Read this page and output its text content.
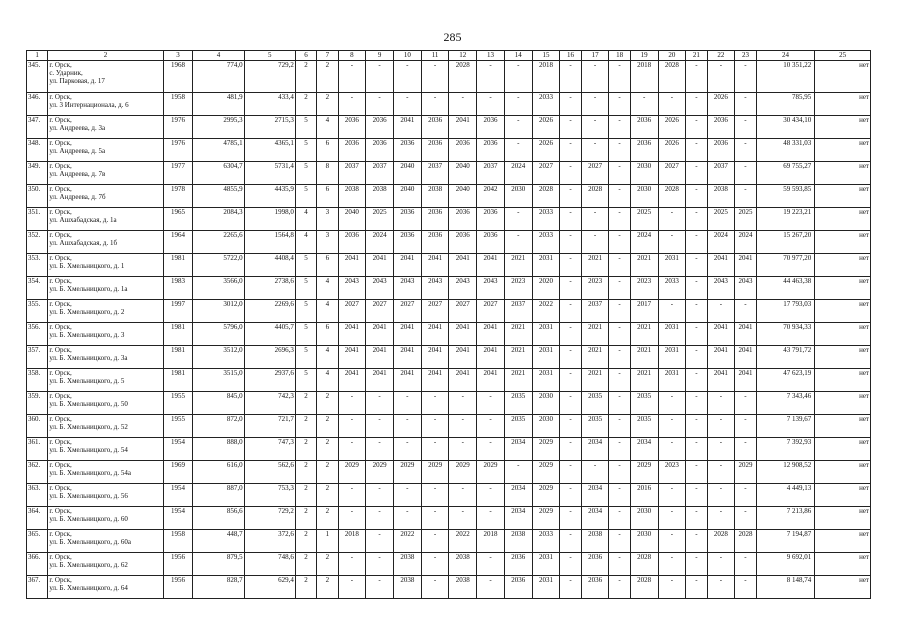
285
1	2	3	4	5	6	7	8	9	10	11	12	13	14	15	16	17	18	19	20	21	22	23	24	25
345.	г. Орск,
с. Ударник,
ул. Парковая, д. 17	1968	774,0	729,2	2	2	-	-	-	-	2028	-	-	2018	-	-	-	2018	2028	-	-	-	10 351,22	нет
346.	г. Орск,
ул. 3 Интернационала, д. 6	1958	481,9	433,4	2	2	-	-	-	-	-	-	-	2033	-	-	-	-	-	-	2026	-	785,95	нет
347.	г. Орск,
ул. Андреева, д. 3а	1976	2995,3	2715,3	5	4	2036	2036	2041	2036	2041	2036	-	2026	-	-	-	2036	2026	-	2036	-	30 434,10	нет
348.	г. Орск,
ул. Андреева, д. 5а	1976	4785,1	4365,1	5	6	2036	2036	2036	2036	2036	2036	-	2026	-	-	-	2036	2026	-	2036	-	48 331,03	нет
349.	г. Орск,
ул. Андреева, д. 7в	1977	6304,7	5731,4	5	8	2037	2037	2040	2037	2040	2037	2024	2027	-	2027	-	2030	2027	-	2037	-	69 755,27	нет
350.	г. Орск,
ул. Андреева, д. 7б	1978	4855,9	4435,9	5	6	2038	2038	2040	2038	2040	2042	2030	2028	-	2028	-	2030	2028	-	2038	-	59 593,85	нет
351.	г. Орск,
ул. Ашхабадская, д. 1а	1965	2084,3	1998,0	4	3	2040	2025	2036	2036	2036	2036	-	2033	-	-	-	2025	-	-	2025	2025	19 223,21	нет
352.	г. Орск,
ул. Ашхабадская, д. 1б	1964	2265,6	1564,8	4	3	2036	2024	2036	2036	2036	2036	-	2033	-	-	-	2024	-	-	2024	2024	15 267,20	нет
353.	г. Орск,
ул. Б. Хмельницкого, д. 1	1981	5722,0	4408,4	5	6	2041	2041	2041	2041	2041	2041	2021	2031	-	2021	-	2021	2031	-	2041	2041	70 977,20	нет
354.	г. Орск,
ул. Б. Хмельницкого, д. 1а	1983	3566,0	2738,6	5	4	2043	2043	2043	2043	2043	2043	2023	2020	-	2023	-	2023	2033	-	2043	2043	44 463,38	нет
355.	г. Орск,
ул. Б. Хмельницкого, д. 2	1997	3012,0	2269,6	5	4	2027	2027	2027	2027	2027	2027	2037	2022	-	2037	-	2017	-	-	-	-	17 793,03	нет
356.	г. Орск,
ул. Б. Хмельницкого, д. 3	1981	5796,0	4405,7	5	6	2041	2041	2041	2041	2041	2041	2021	2031	-	2021	-	2021	2031	-	2041	2041	70 934,33	нет
357.	г. Орск,
ул. Б. Хмельницкого, д. 3а	1981	3512,0	2696,3	5	4	2041	2041	2041	2041	2041	2041	2021	2031	-	2021	-	2021	2031	-	2041	2041	43 791,72	нет
358.	г. Орск,
ул. Б. Хмельницкого, д. 5	1981	3515,0	2937,6	5	4	2041	2041	2041	2041	2041	2041	2021	2031	-	2021	-	2021	2031	-	2041	2041	47 623,19	нет
359.	г. Орск,
ул. Б. Хмельницкого, д. 50	1955	845,0	742,3	2	2	-	-	-	-	-	-	2035	2030	-	2035	-	2035	-	-	-	-	7 343,46	нет
360.	г. Орск,
ул. Б. Хмельницкого, д. 52	1955	872,0	721,7	2	2	-	-	-	-	-	-	2035	2030	-	2035	-	2035	-	-	-	-	7 139,67	нет
361.	г. Орск,
ул. Б. Хмельницкого, д. 54	1954	888,0	747,3	2	2	-	-	-	-	-	-	2034	2029	-	2034	-	2034	-	-	-	-	7 392,93	нет
362.	г. Орск,
ул. Б. Хмельницкого, д. 54а	1969	616,0	562,6	2	2	2029	2029	2029	2029	2029	2029	-	2029	-	-	-	2029	2023	-	-	2029	12 908,52	нет
363.	г. Орск,
ул. Б. Хмельницкого, д. 56	1954	887,0	753,3	2	2	-	-	-	-	-	-	2034	2029	-	2034	-	2016	-	-	-	-	4 449,13	нет
364.	г. Орск,
ул. Б. Хмельницкого, д. 60	1954	856,6	729,2	2	2	-	-	-	-	-	-	2034	2029	-	2034	-	2030	-	-	-	-	7 213,86	нет
365.	г. Орск,
ул. Б. Хмельницкого, д. 60а	1958	448,7	372,6	2	1	2018	-	2022	-	2022	2018	2038	2033	-	2038	-	2030	-	-	2028	2028	7 194,87	нет
366.	г. Орск,
ул. Б. Хмельницкого, д. 62	1956	879,5	748,6	2	2	-	-	2038	-	2038	-	2036	2031	-	2036	-	2028	-	-	-	-	9 692,01	нет
367.	г. Орск,
ул. Б. Хмельницкого, д. 64	1956	828,7	629,4	2	2	-	-	2038	-	2038	-	2036	2031	-	2036	-	2028	-	-	-	-	8 148,74	нет
